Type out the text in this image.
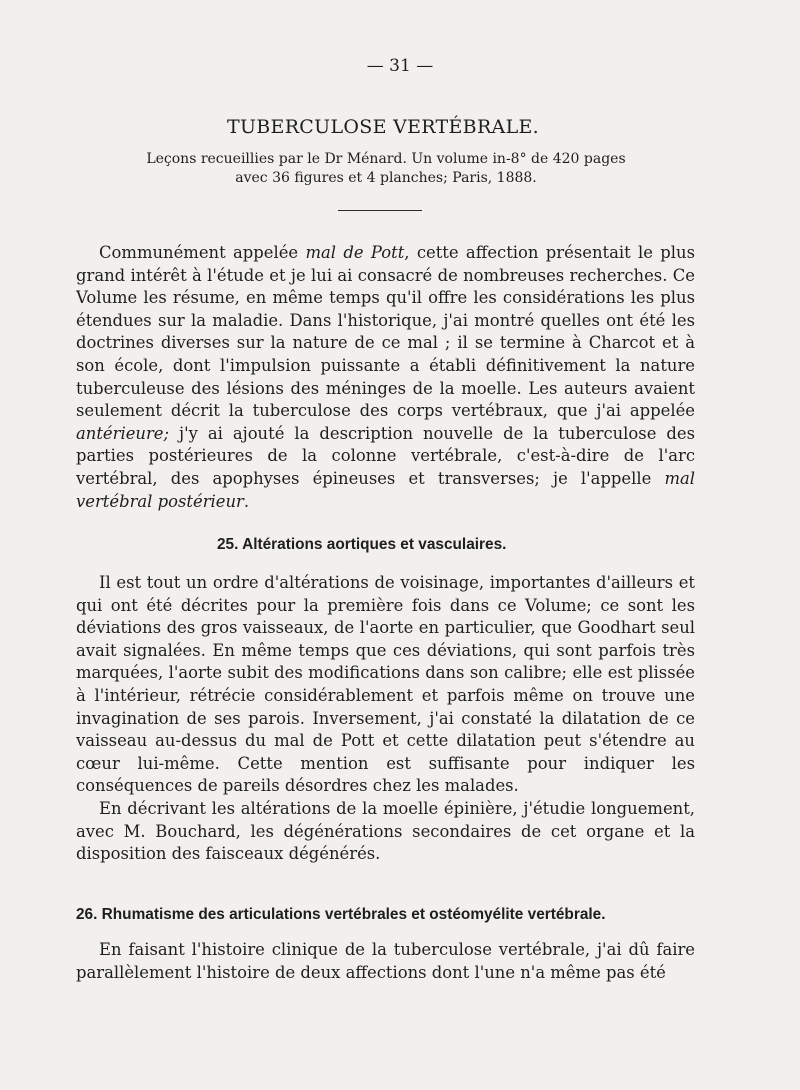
— 31 —
TUBERCULOSE VERTÉBRALE.
Leçons recueillies par le Dr Ménard. Un volume in-8° de 420 pages
avec 36 figures et 4 planches; Paris, 1888.

Communément appelée mal de Pott, cette affection présentait le plus grand intérêt à l'étude et je lui ai consacré de nombreuses recherches. Ce Volume les résume, en même temps qu'il offre les considérations les plus étendues sur la maladie. Dans l'historique, j'ai montré quelles ont été les doctrines diverses sur la nature de ce mal ; il se termine à Charcot et à son école, dont l'impulsion puissante a établi définitivement la nature tuberculeuse des lésions des méninges de la moelle. Les auteurs avaient seulement décrit la tuberculose des corps vertébraux, que j'ai appelée antérieure; j'y ai ajouté la description nouvelle de la tuberculose des parties postérieures de la colonne vertébrale, c'est-à-dire de l'arc vertébral, des apophyses épineuses et transverses; je l'appelle mal vertébral postérieur.

25. Altérations aortiques et vasculaires.

Il est tout un ordre d'altérations de voisinage, importantes d'ailleurs et qui ont été décrites pour la première fois dans ce Volume; ce sont les déviations des gros vaisseaux, de l'aorte en particulier, que Goodhart seul avait signalées. En même temps que ces déviations, qui sont parfois très marquées, l'aorte subit des modifications dans son calibre; elle est plissée à l'intérieur, rétrécie considérablement et parfois même on trouve une invagination de ses parois. Inversement, j'ai constaté la dilatation de ce vaisseau au-dessus du mal de Pott et cette dilatation peut s'étendre au cœur lui-même. Cette mention est suffisante pour indiquer les conséquences de pareils désordres chez les malades.

En décrivant les altérations de la moelle épinière, j'étudie longuement, avec M. Bouchard, les dégénérations secondaires de cet organe et la disposition des faisceaux dégénérés.

26. Rhumatisme des articulations vertébrales et ostéomyélite vertébrale.

En faisant l'histoire clinique de la tuberculose vertébrale, j'ai dû faire parallèlement l'histoire de deux affections dont l'une n'a même pas été
